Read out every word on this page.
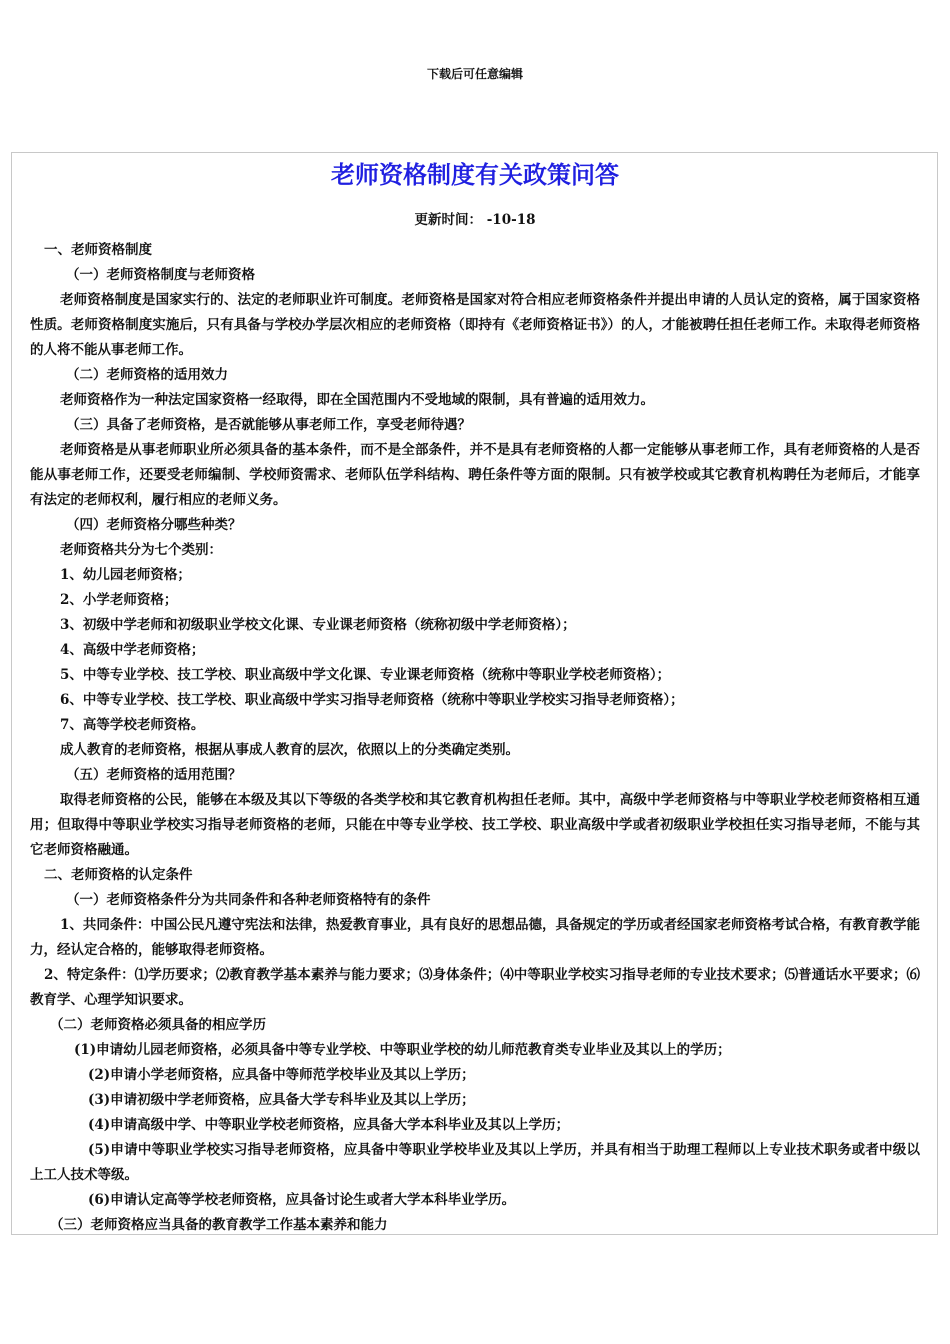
下载后可任意编辑
老师资格制度有关政策问答
更新时间： -10-18

一、老师资格制度

（一）老师资格制度与老师资格

老师资格制度是国家实行的、法定的老师职业许可制度。老师资格是国家对符合相应老师资格条件并提出申请的人员认定的资格，属于国家资格性质。老师资格制度实施后，只有具备与学校办学层次相应的老师资格（即持有《老师资格证书》）的人，才能被聘任担任老师工作。未取得老师资格的人将不能从事老师工作。

（二）老师资格的适用效力

老师资格作为一种法定国家资格一经取得，即在全国范围内不受地域的限制，具有普遍的适用效力。

（三）具备了老师资格，是否就能够从事老师工作，享受老师待遇？

老师资格是从事老师职业所必须具备的基本条件，而不是全部条件，并不是具有老师资格的人都一定能够从事老师工作，具有老师资格的人是否能从事老师工作，还要受老师编制、学校师资需求、老师队伍学科结构、聘任条件等方面的限制。只有被学校或其它教育机构聘任为老师后，才能享有法定的老师权利，履行相应的老师义务。

（四）老师资格分哪些种类？

老师资格共分为七个类别：

1、幼儿园老师资格；

2、小学老师资格；

3、初级中学老师和初级职业学校文化课、专业课老师资格（统称初级中学老师资格）；

4、高级中学老师资格；

5、中等专业学校、技工学校、职业高级中学文化课、专业课老师资格（统称中等职业学校老师资格）；

6、中等专业学校、技工学校、职业高级中学实习指导老师资格（统称中等职业学校实习指导老师资格）；

7、高等学校老师资格。

成人教育的老师资格，根据从事成人教育的层次，依照以上的分类确定类别。

（五）老师资格的适用范围？

取得老师资格的公民，能够在本级及其以下等级的各类学校和其它教育机构担任老师。其中，高级中学老师资格与中等职业学校老师资格相互通用；但取得中等职业学校实习指导老师资格的老师，只能在中等专业学校、技工学校、职业高级中学或者初级职业学校担任实习指导老师，不能与其它老师资格融通。

二、老师资格的认定条件

（一）老师资格条件分为共同条件和各种老师资格特有的条件

1、共同条件：中国公民凡遵守宪法和法律，热爱教育事业，具有良好的思想品德，具备规定的学历或者经国家老师资格考试合格，有教育教学能力，经认定合格的，能够取得老师资格。

2、特定条件：⑴学历要求；⑵教育教学基本素养与能力要求；⑶身体条件；⑷中等职业学校实习指导老师的专业技术要求；⑸普通话水平要求；⑹教育学、心理学知识要求。

（二）老师资格必须具备的相应学历

(1)申请幼儿园老师资格，必须具备中等专业学校、中等职业学校的幼儿师范教育类专业毕业及其以上的学历；

(2)申请小学老师资格，应具备中等师范学校毕业及其以上学历；

(3)申请初级中学老师资格，应具备大学专科毕业及其以上学历；

(4)申请高级中学、中等职业学校老师资格，应具备大学本科毕业及其以上学历；

(5)申请中等职业学校实习指导老师资格，应具备中等职业学校毕业及其以上学历，并具有相当于助理工程师以上专业技术职务或者中级以上工人技术等级。

(6)申请认定高等学校老师资格，应具备讨论生或者大学本科毕业学历。

（三）老师资格应当具备的教育教学工作基本素养和能力
